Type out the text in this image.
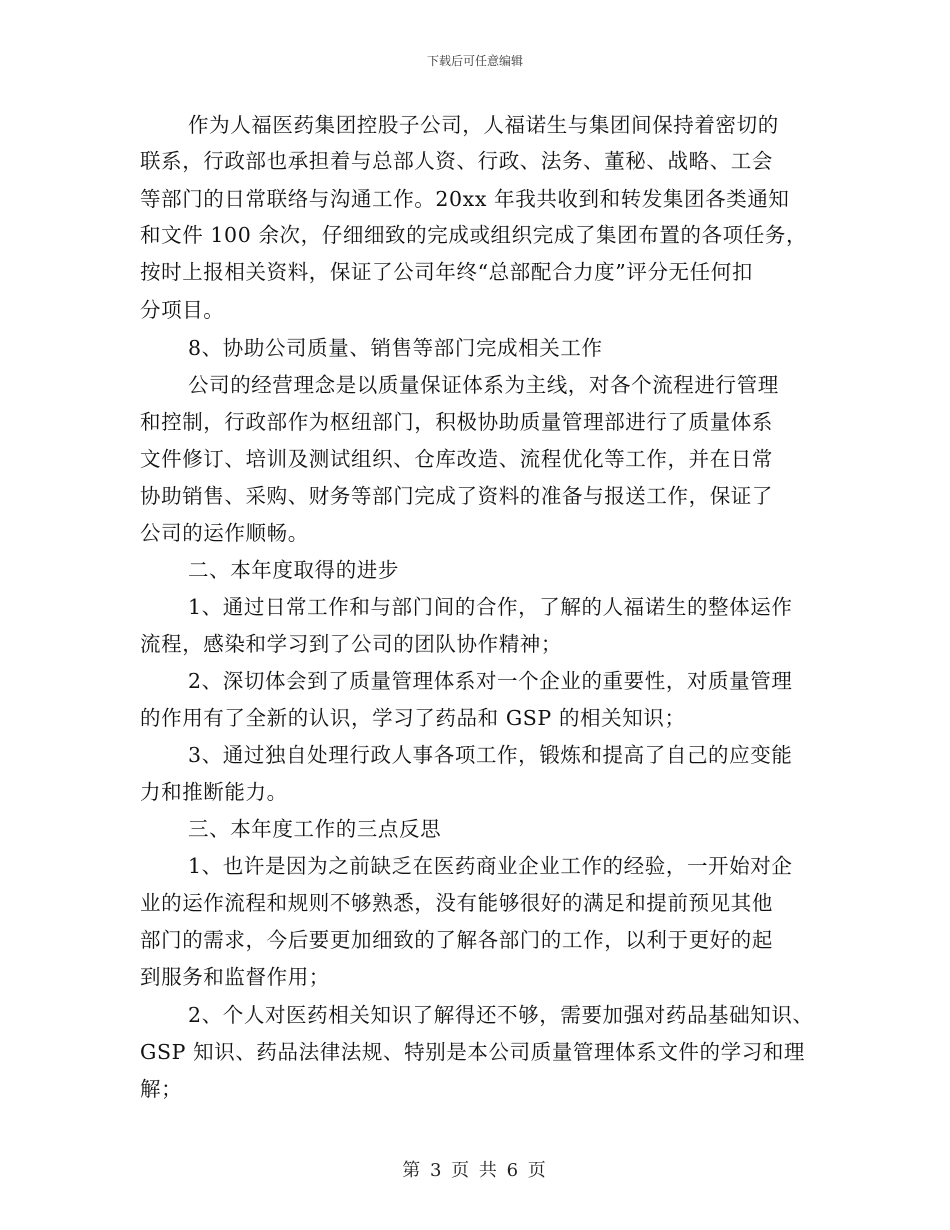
下载后可任意编辑
作为人福医药集团控股子公司，人福诺生与集团间保持着密切的
联系，行政部也承担着与总部人资、行政、法务、董秘、战略、工会
等部门的日常联络与沟通工作。20xx 年我共收到和转发集团各类通知
和文件 100 余次，仔细细致的完成或组织完成了集团布置的各项任务，
按时上报相关资料，保证了公司年终“总部配合力度”评分无任何扣
分项目。
8、协助公司质量、销售等部门完成相关工作
公司的经营理念是以质量保证体系为主线，对各个流程进行管理
和控制，行政部作为枢纽部门，积极协助质量管理部进行了质量体系
文件修订、培训及测试组织、仓库改造、流程优化等工作，并在日常
协助销售、采购、财务等部门完成了资料的准备与报送工作，保证了
公司的运作顺畅。
二、本年度取得的进步
1、通过日常工作和与部门间的合作，了解的人福诺生的整体运作
流程，感染和学习到了公司的团队协作精神；
2、深切体会到了质量管理体系对一个企业的重要性，对质量管理
的作用有了全新的认识，学习了药品和 GSP 的相关知识；
3、通过独自处理行政人事各项工作，锻炼和提高了自己的应变能
力和推断能力。
三、本年度工作的三点反思
1、也许是因为之前缺乏在医药商业企业工作的经验，一开始对企
业的运作流程和规则不够熟悉，没有能够很好的满足和提前预见其他
部门的需求，今后要更加细致的了解各部门的工作，以利于更好的起
到服务和监督作用；
2、个人对医药相关知识了解得还不够，需要加强对药品基础知识、
GSP 知识、药品法律法规、特别是本公司质量管理体系文件的学习和理
解；
第 3 页 共 6 页
